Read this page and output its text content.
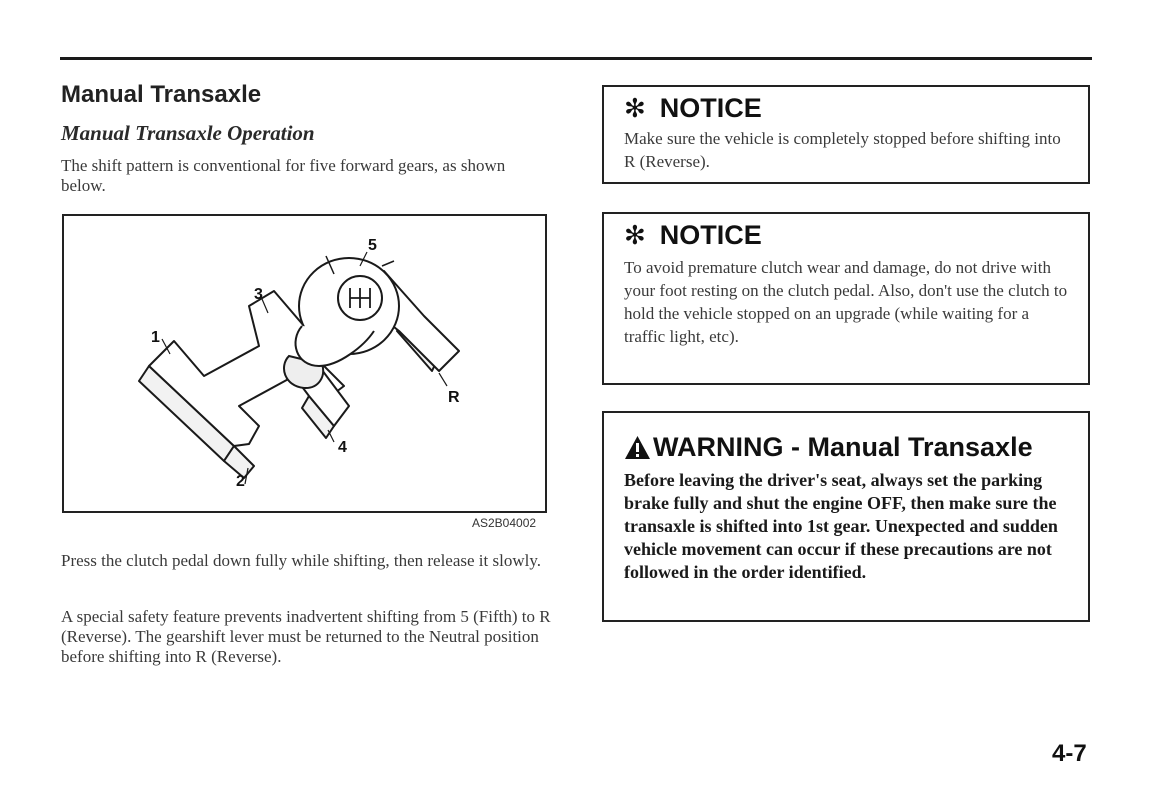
Manual Transaxle
Manual Transaxle Operation
The shift pattern is conventional for five forward gears, as shown below.
1
2
3
4
5
R
AS2B04002
Press the clutch pedal down fully while shifting, then release it slowly.
A special safety feature prevents inadvertent shifting from 5 (Fifth) to R (Reverse). The gearshift lever must be returned to the Neutral position before shifting into R (Reverse).
✻ NOTICE
Make sure the vehicle is completely stopped before shifting into R (Reverse).
✻ NOTICE
To avoid premature clutch wear and damage, do not drive with your foot resting on the clutch pedal. Also, don't use the clutch to hold the vehicle stopped on an upgrade (while waiting for a traffic light, etc).
WARNING - Manual Transaxle
Before leaving the driver's seat, always set the parking brake fully and shut the engine OFF, then make sure the transaxle is shifted into 1st gear. Unexpected and sudden vehicle movement can occur if these precautions are not followed in the order identified.
4-7
